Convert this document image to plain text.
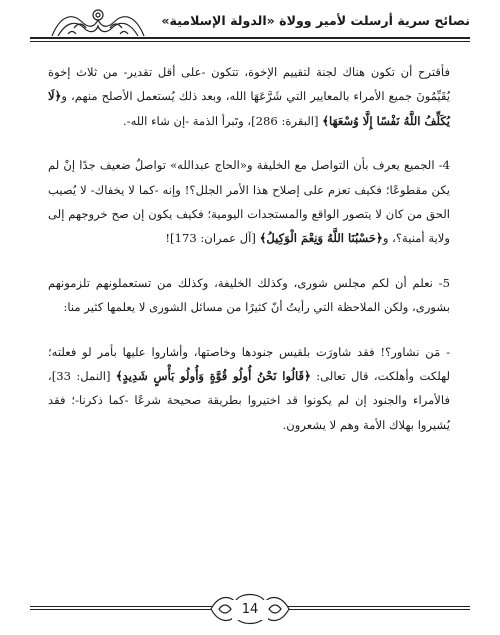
نصائح سرية أرسلت لأمير وولاة «الدولة الإسلامية»

فأقترح أن تكون هناك لجنة لتقييم الإخوة، تتكون -على أقل تقدير- من ثلاث إخوة يُقَيِّمُونَ جميع الأمراء بالمعايير التي شَرَّعَهَا الله، وبعد ذلك يُستعمل الأصلح منهم، و﴿لَا يُكَلِّفُ اللَّهُ نَفْسًا إِلَّا وُسْعَهَا﴾ [البقرة: 286]، وتَبرأ الذمة -إن شاء الله-.

4- الجميع يعرف بأن التواصل مع الخليفة و«الحاج عبدالله» تواصلٌ ضعيف جدًا إنْ لم يكن مقطوعًا؛ فكيف تعزم على إصلاح هذا الأمر الجلل؟! وإنه -كما لا يخفاك- لا يُصيب الحق من كان لا يتصور الواقع والمستجدات اليومية؛ فكيف يكون إن صح خروجهم إلى ولاية أمنية؟، و﴿حَسْبُنَا اللَّهُ وَنِعْمَ الْوَكِيلُ﴾ [آل عمران: 173]!

5- نعلم أن لكم مجلس شورى، وكذلك الخليفة، وكذلك من تستعملونهم تلزمونهم بشورى، ولكن الملاحظة التي رأيتُ أنّ كثيرًا من مسائل الشورى لا يعلمها كثير منا:

- مَن نشاور؟! فقد شاورَت بلقيس جنودها وخاصتها، وأشاروا عليها بأمر لو فعلته؛ لهلكت وأهلكت، قال تعالى: ﴿قَالُوا نَحْنُ أُولُو قُوَّةٍ وَأُولُو بَأْسٍ شَدِيدٍ﴾ [النمل: 33]، فالأمراء والجنود إن لم يكونوا قد اختيروا بطريقة صحيحة شرعًا -كما ذكرنا-؛ فقد يُشيروا بهلاك الأمة وهم لا يشعرون.

14
